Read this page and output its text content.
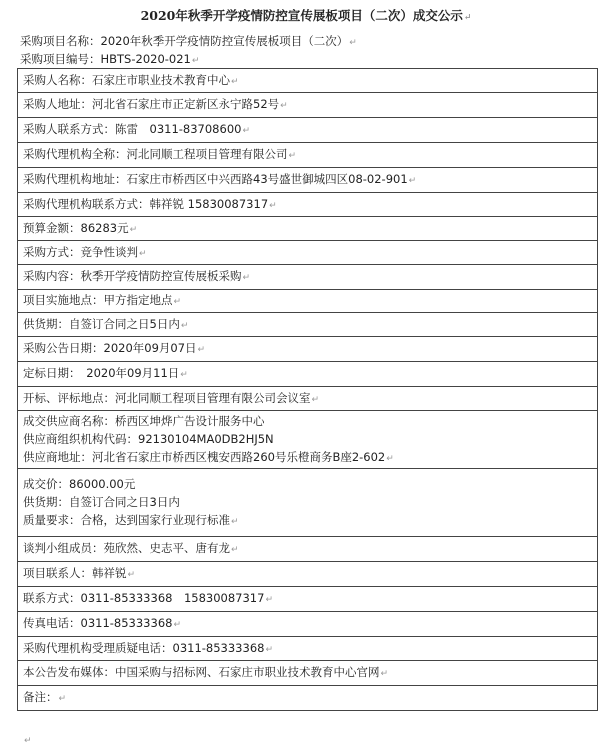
2020年秋季开学疫情防控宣传展板项目（二次）成交公示↵
采购项目名称：2020年秋季开学疫情防控宣传展板项目（二次）↵
采购项目编号：HBTS-2020-021↵
采购人名称：石家庄市职业技术教育中心↵
采购人地址：河北省石家庄市正定新区永宁路52号↵
采购人联系方式：陈雷　0311-83708600↵
采购代理机构全称：河北同顺工程项目管理有限公司↵
采购代理机构地址：石家庄市桥西区中兴西路43号盛世御城四区08-02-901↵
采购代理机构联系方式：韩祥锐 15830087317↵
预算金额：86283元↵
采购方式：竞争性谈判↵
采购内容：秋季开学疫情防控宣传展板采购↵
项目实施地点：甲方指定地点↵
供货期：自签订合同之日5日内↵
采购公告日期：2020年09月07日↵
定标日期：　2020年09月11日↵
开标、评标地点：河北同顺工程项目管理有限公司会议室↵
成交供应商名称：桥西区坤烨广告设计服务中心
供应商组织机构代码：92130104MA0DB2HJ5N
供应商地址：河北省石家庄市桥西区槐安西路260号乐橙商务B座2-602↵
成交价：86000.00元
供货期：自签订合同之日3日内
质量要求：合格，达到国家行业现行标准↵
谈判小组成员：苑欣然、史志平、唐有龙↵
项目联系人：韩祥锐↵
联系方式：0311-85333368　15830087317↵
传真电话：0311-85333368↵
采购代理机构受理质疑电话：0311-85333368↵
本公告发布媒体：中国采购与招标网、石家庄市职业技术教育中心官网↵
备注：↵
↵
